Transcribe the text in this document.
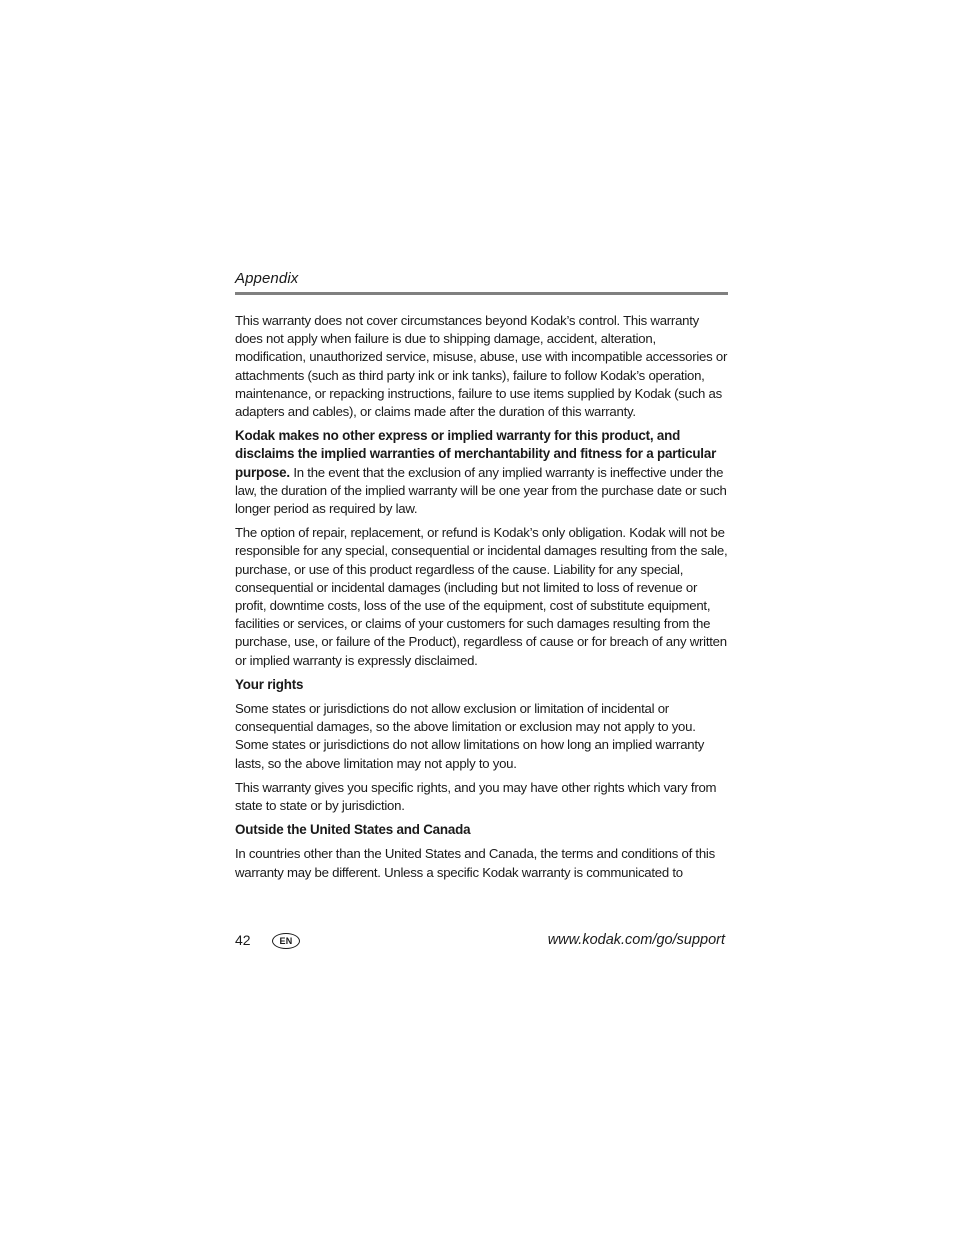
Appendix

This warranty does not cover circumstances beyond Kodak’s control. This warranty does not apply when failure is due to shipping damage, accident, alteration, modification, unauthorized service, misuse, abuse, use with incompatible accessories or attachments (such as third party ink or ink tanks), failure to follow Kodak’s operation, maintenance, or repacking instructions, failure to use items supplied by Kodak (such as adapters and cables), or claims made after the duration of this warranty.

Kodak makes no other express or implied warranty for this product, and disclaims the implied warranties of merchantability and fitness for a particular purpose. In the event that the exclusion of any implied warranty is ineffective under the law, the duration of the implied warranty will be one year from the purchase date or such longer period as required by law.

The option of repair, replacement, or refund is Kodak’s only obligation. Kodak will not be responsible for any special, consequential or incidental damages resulting from the sale, purchase, or use of this product regardless of the cause. Liability for any special, consequential or incidental damages (including but not limited to loss of revenue or profit, downtime costs, loss of the use of the equipment, cost of substitute equipment, facilities or services, or claims of your customers for such damages resulting from the purchase, use, or failure of the Product), regardless of cause or for breach of any written or implied warranty is expressly disclaimed.

Your rights

Some states or jurisdictions do not allow exclusion or limitation of incidental or consequential damages, so the above limitation or exclusion may not apply to you. Some states or jurisdictions do not allow limitations on how long an implied warranty lasts, so the above limitation may not apply to you.

This warranty gives you specific rights, and you may have other rights which vary from state to state or by jurisdiction.

Outside the United States and Canada

In countries other than the United States and Canada, the terms and conditions of this warranty may be different. Unless a specific Kodak warranty is communicated to

42	EN	www.kodak.com/go/support
